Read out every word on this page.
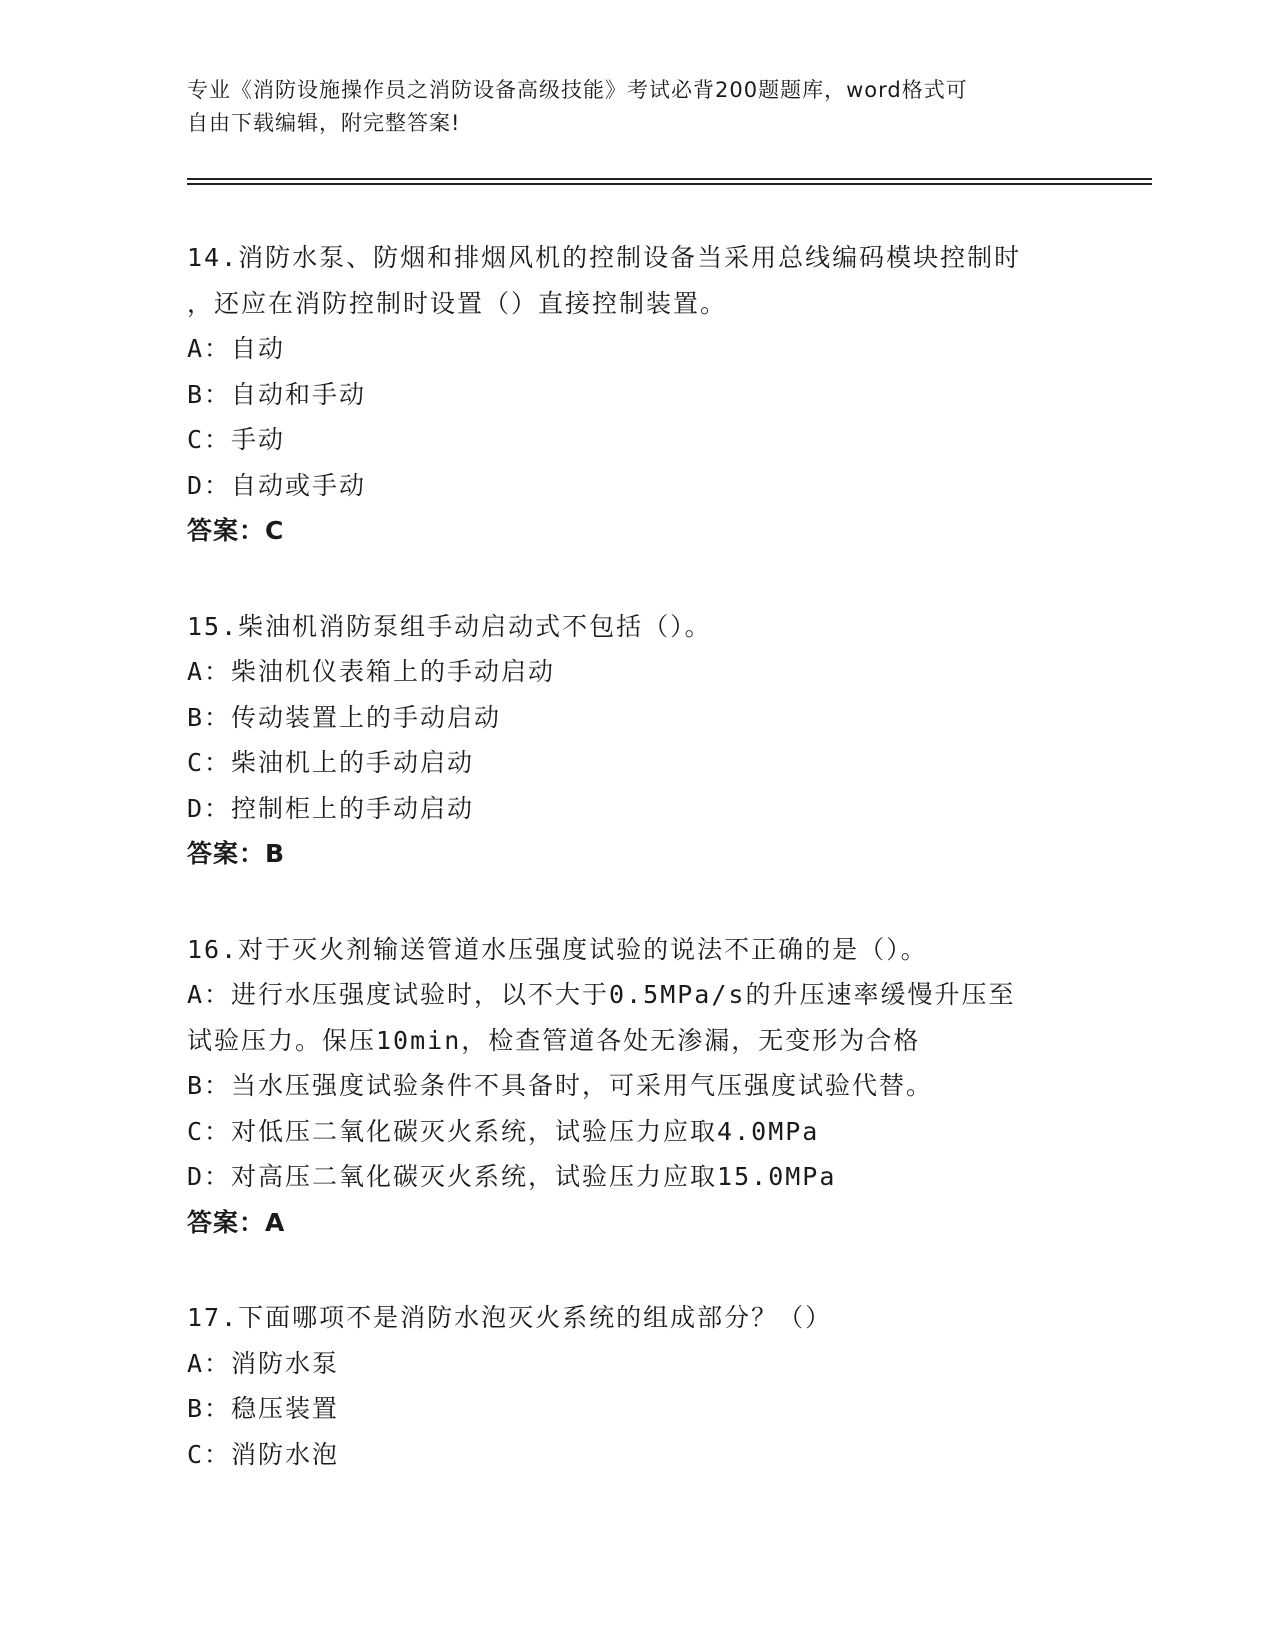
专业《消防设施操作员之消防设备高级技能》考试必背200题题库，word格式可
自由下载编辑，附完整答案!
14.消防水泵、防烟和排烟风机的控制设备当采用总线编码模块控制时
，还应在消防控制时设置（）直接控制装置。
A：自动
B：自动和手动
C：手动
D：自动或手动
答案：C
15.柴油机消防泵组手动启动式不包括（）。
A：柴油机仪表箱上的手动启动
B：传动装置上的手动启动
C：柴油机上的手动启动
D：控制柜上的手动启动
答案：B
16.对于灭火剂输送管道水压强度试验的说法不正确的是（）。
A：进行水压强度试验时，以不大于0.5MPa/s的升压速率缓慢升压至
试验压力。保压10min，检查管道各处无渗漏，无变形为合格
B：当水压强度试验条件不具备时，可采用气压强度试验代替。
C：对低压二氧化碳灭火系统，试验压力应取4.0MPa
D：对高压二氧化碳灭火系统，试验压力应取15.0MPa
答案：A
17.下面哪项不是消防水泡灭火系统的组成部分？（）
A：消防水泵
B：稳压装置
C：消防水泡
